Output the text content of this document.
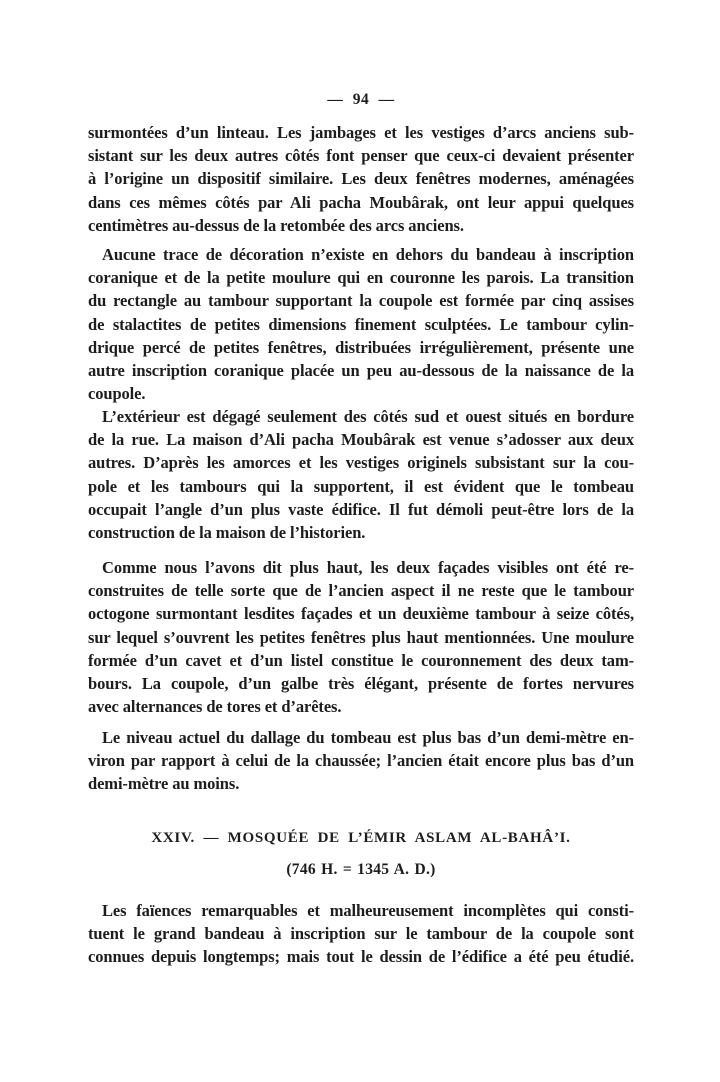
— 94 —
surmontées d’un linteau. Les jambages et les vestiges d’arcs anciens sub-
sistant sur les deux autres côtés font penser que ceux-ci devaient présenter
à l’origine un dispositif similaire. Les deux fenêtres modernes, aménagées
dans ces mêmes côtés par Ali pacha Moubârak, ont leur appui quelques
centimètres au-dessus de la retombée des arcs anciens.
Aucune trace de décoration n’existe en dehors du bandeau à inscription
coranique et de la petite moulure qui en couronne les parois. La transition
du rectangle au tambour supportant la coupole est formée par cinq assises
de stalactites de petites dimensions finement sculptées. Le tambour cylin-
drique percé de petites fenêtres, distribuées irrégulièrement, présente une
autre inscription coranique placée un peu au-dessous de la naissance de la
coupole.
L’extérieur est dégagé seulement des côtés sud et ouest situés en bordure
de la rue. La maison d’Ali pacha Moubârak est venue s’adosser aux deux
autres. D’après les amorces et les vestiges originels subsistant sur la cou-
pole et les tambours qui la supportent, il est évident que le tombeau
occupait l’angle d’un plus vaste édifice. Il fut démoli peut-être lors de la
construction de la maison de l’historien.
Comme nous l’avons dit plus haut, les deux façades visibles ont été re-
construites de telle sorte que de l’ancien aspect il ne reste que le tambour
octogone surmontant lesdites façades et un deuxième tambour à seize côtés,
sur lequel s’ouvrent les petites fenêtres plus haut mentionnées. Une moulure
formée d’un cavet et d’un listel constitue le couronnement des deux tam-
bours. La coupole, d’un galbe très élégant, présente de fortes nervures
avec alternances de tores et d’arêtes.
Le niveau actuel du dallage du tombeau est plus bas d’un demi-mètre en-
viron par rapport à celui de la chaussée; l’ancien était encore plus bas d’un
demi-mètre au moins.
XXIV. — MOSQUÉE DE L’ÉMIR ASLAM AL-BAHÂ’I.
(746 H. = 1345 A. D.)
Les faïences remarquables et malheureusement incomplètes qui consti-
tuent le grand bandeau à inscription sur le tambour de la coupole sont
connues depuis longtemps; mais tout le dessin de l’édifice a été peu étudié.
